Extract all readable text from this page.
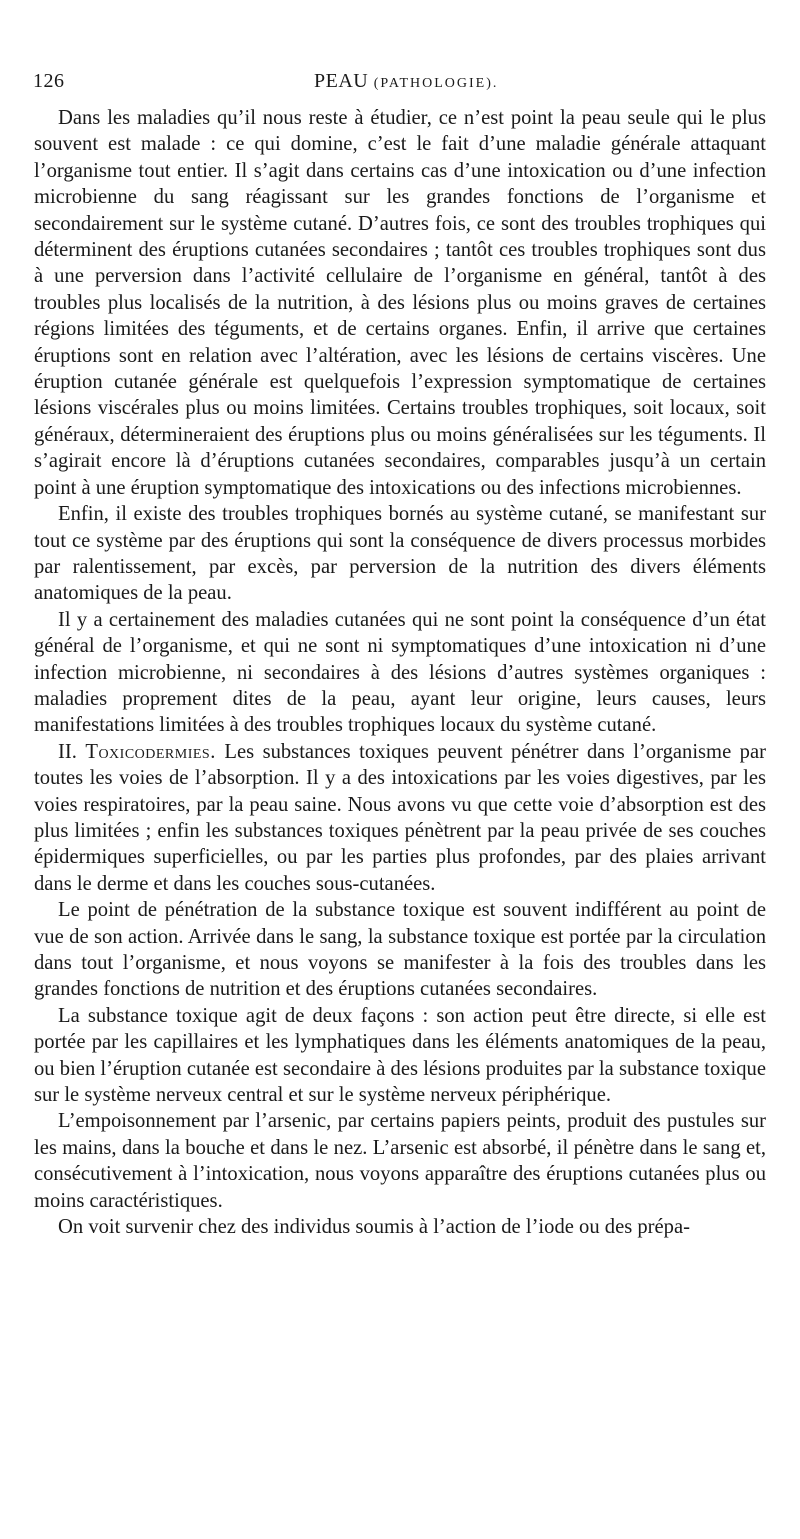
126	PEAU (PATHOLOGIE).

Dans les maladies qu’il nous reste à étudier, ce n’est point la peau seule qui le plus souvent est malade : ce qui domine, c’est le fait d’une maladie générale attaquant l’organisme tout entier. Il s’agit dans certains cas d’une intoxication ou d’une infection microbienne du sang réagissant sur les grandes fonctions de l’organisme et secondairement sur le système cutané. D’autres fois, ce sont des troubles trophiques qui déterminent des éruptions cutanées secondaires ; tantôt ces troubles trophiques sont dus à une perversion dans l’activité cellulaire de l’organisme en général, tantôt à des troubles plus localisés de la nutrition, à des lésions plus ou moins graves de certaines régions limitées des téguments, et de certains organes. Enfin, il arrive que certaines éruptions sont en relation avec l’altération, avec les lésions de certains viscères. Une éruption cutanée générale est quelquefois l’expression symptomatique de certaines lésions viscérales plus ou moins limitées. Certains troubles trophiques, soit locaux, soit généraux, détermineraient des éruptions plus ou moins généralisées sur les téguments. Il s’agirait encore là d’éruptions cutanées secondaires, comparables jusqu’à un certain point à une éruption symptomatique des intoxications ou des infections microbiennes.

Enfin, il existe des troubles trophiques bornés au système cutané, se manifestant sur tout ce système par des éruptions qui sont la conséquence de divers processus morbides par ralentissement, par excès, par perversion de la nutrition des divers éléments anatomiques de la peau.

Il y a certainement des maladies cutanées qui ne sont point la conséquence d’un état général de l’organisme, et qui ne sont ni symptomatiques d’une intoxication ni d’une infection microbienne, ni secondaires à des lésions d’autres systèmes organiques : maladies proprement dites de la peau, ayant leur origine, leurs causes, leurs manifestations limitées à des troubles trophiques locaux du système cutané.

II. Toxicodermies. Les substances toxiques peuvent pénétrer dans l’organisme par toutes les voies de l’absorption. Il y a des intoxications par les voies digestives, par les voies respiratoires, par la peau saine. Nous avons vu que cette voie d’absorption est des plus limitées ; enfin les substances toxiques pénètrent par la peau privée de ses couches épidermiques superficielles, ou par les parties plus profondes, par des plaies arrivant dans le derme et dans les couches sous-cutanées.

Le point de pénétration de la substance toxique est souvent indifférent au point de vue de son action. Arrivée dans le sang, la substance toxique est portée par la circulation dans tout l’organisme, et nous voyons se manifester à la fois des troubles dans les grandes fonctions de nutrition et des éruptions cutanées secondaires.

La substance toxique agit de deux façons : son action peut être directe, si elle est portée par les capillaires et les lymphatiques dans les éléments anatomiques de la peau, ou bien l’éruption cutanée est secondaire à des lésions produites par la substance toxique sur le système nerveux central et sur le système nerveux périphérique.

L’empoisonnement par l’arsenic, par certains papiers peints, produit des pustules sur les mains, dans la bouche et dans le nez. L’arsenic est absorbé, il pénètre dans le sang et, consécutivement à l’intoxication, nous voyons apparaître des éruptions cutanées plus ou moins caractéristiques.

On voit survenir chez des individus soumis à l’action de l’iode ou des prépa-
